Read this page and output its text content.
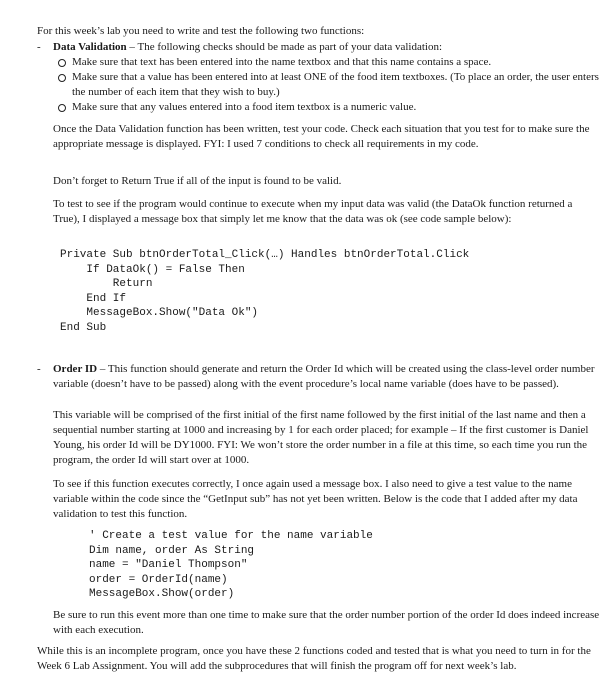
For this week’s lab you need to write and test the following two functions:

- Data Validation – The following checks should be made as part of your data validation:

Make sure that text has been entered into the name textbox and that this name contains a space.

Make sure that a value has been entered into at least ONE of the food item textboxes. (To place an order, the user enters the number of each item that they wish to buy.)

Make sure that any values entered into a food item textbox is a numeric value.

Once the Data Validation function has been written, test your code. Check each situation that you test for to make sure the appropriate message is displayed. FYI: I used 7 conditions to check all requirements in my code.

Don’t forget to Return True if all of the input is found to be valid.

To test to see if the program would continue to execute when my input data was valid (the DataOk function returned a True), I displayed a message box that simply let me know that the data was ok (see code sample below):

Private Sub btnOrderTotal_Click(…) Handles btnOrderTotal.Click
If DataOk() = False Then
Return
End If
MessageBox.Show("Data Ok")
End Sub
- Order ID – This function should generate and return the Order Id which will be created using the class-level order number variable (doesn’t have to be passed) along with the event procedure’s local name variable (does have to be passed).

This variable will be comprised of the first initial of the first name followed by the first initial of the last name and then a sequential number starting at 1000 and increasing by 1 for each order placed; for example – If the first customer is Daniel Young, his order Id will be DY1000. FYI: We won’t store the order number in a file at this time, so each time you run the program, the order Id will start over at 1000.

To see if this function executes correctly, I once again used a message box. I also need to give a test value to the name variable within the code since the “GetInput sub” has not yet been written. Below is the code that I added after my data validation to test this function.

' Create a test value for the name variable
Dim name, order As String
name = "Daniel Thompson"
order = OrderId(name)
MessageBox.Show(order)

Be sure to run this event more than one time to make sure that the order number portion of the order Id does indeed increase with each execution.

While this is an incomplete program, once you have these 2 functions coded and tested that is what you need to turn in for the Week 6 Lab Assignment. You will add the subprocedures that will finish the program off for next week’s lab.
